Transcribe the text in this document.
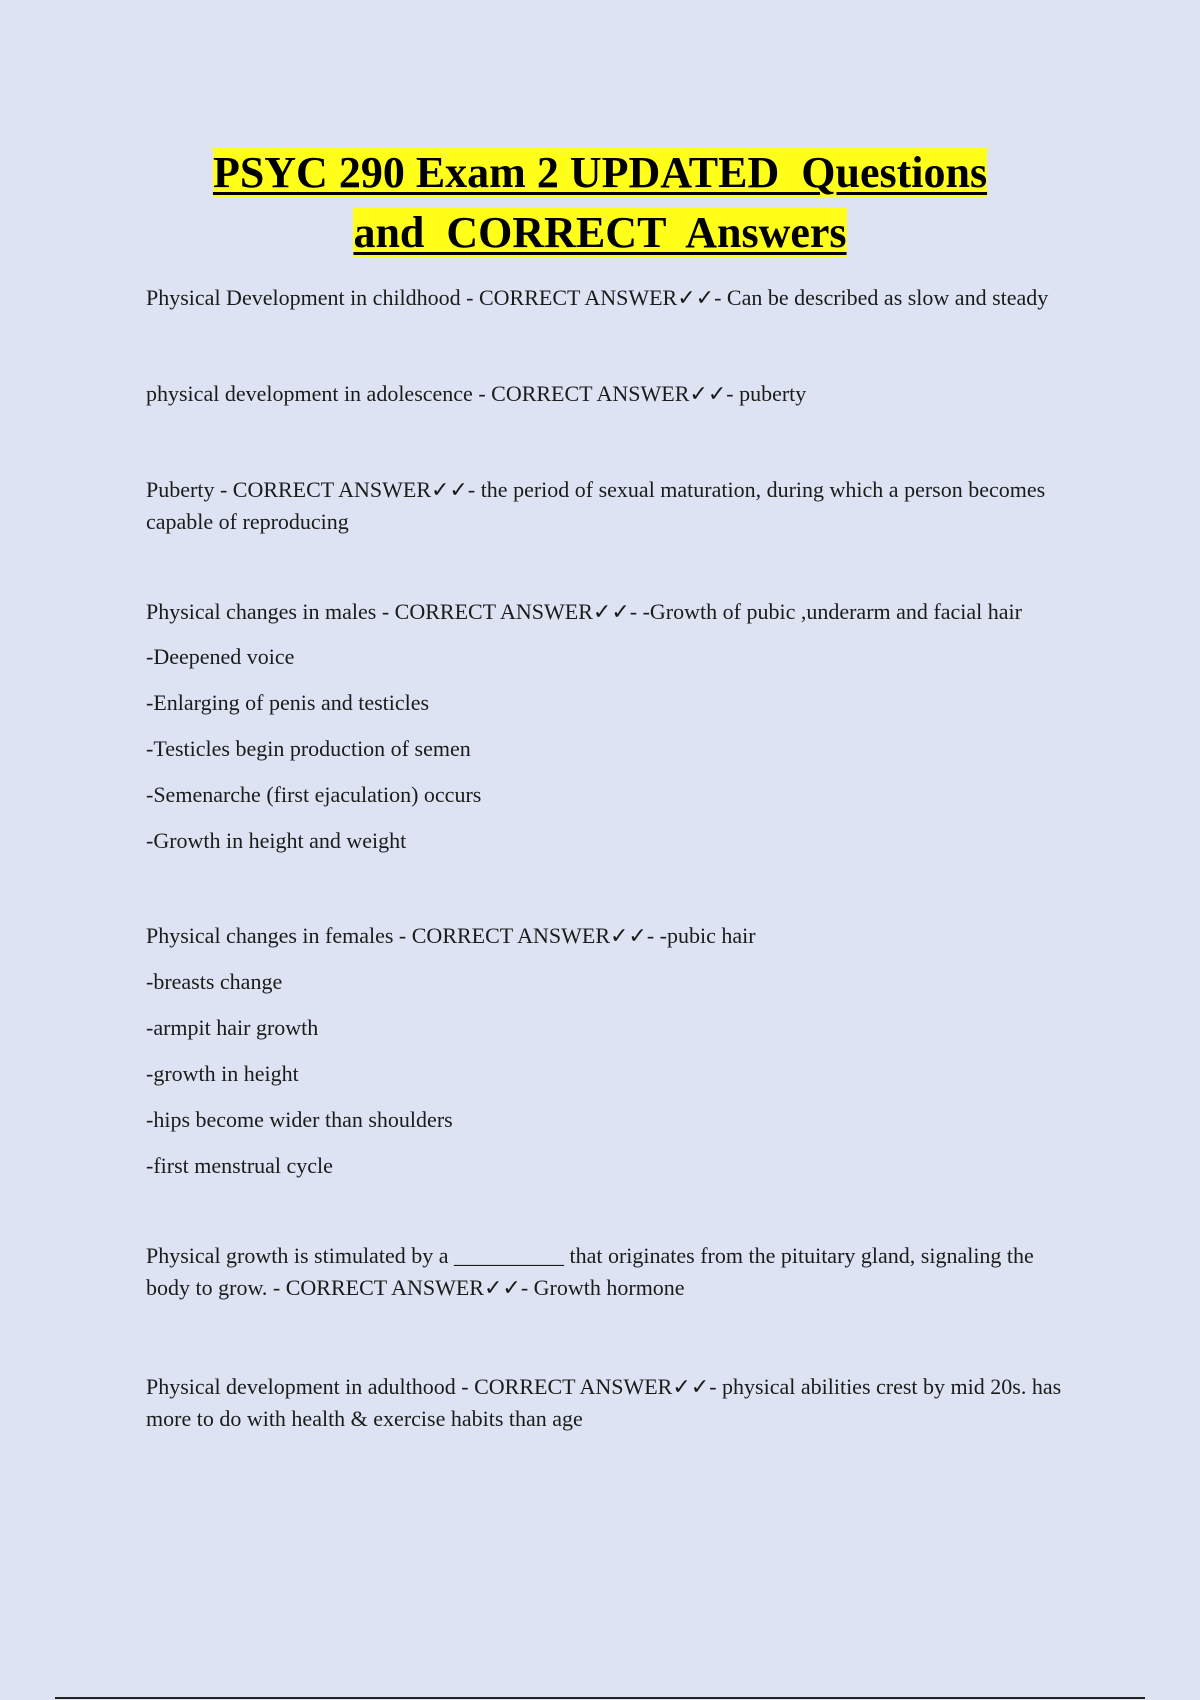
PSYC 290 Exam 2 UPDATED  Questions
and  CORRECT  Answers

Physical Development in childhood - CORRECT ANSWER✓✓- Can be described as slow and steady

physical development in adolescence - CORRECT ANSWER✓✓- puberty

Puberty - CORRECT ANSWER✓✓- the period of sexual maturation, during which a person becomes capable of reproducing

Physical changes in males - CORRECT ANSWER✓✓- -Growth of pubic ,underarm and facial hair

-Deepened voice

-Enlarging of penis and testicles

-Testicles begin production of semen

-Semenarche (first ejaculation) occurs

-Growth in height and weight

Physical changes in females - CORRECT ANSWER✓✓- -pubic hair

-breasts change

-armpit hair growth

-growth in height

-hips become wider than shoulders

-first menstrual cycle

Physical growth is stimulated by a __________ that originates from the pituitary gland, signaling the body to grow. - CORRECT ANSWER✓✓- Growth hormone

Physical development in adulthood - CORRECT ANSWER✓✓- physical abilities crest by mid 20s. has more to do with health & exercise habits than age
